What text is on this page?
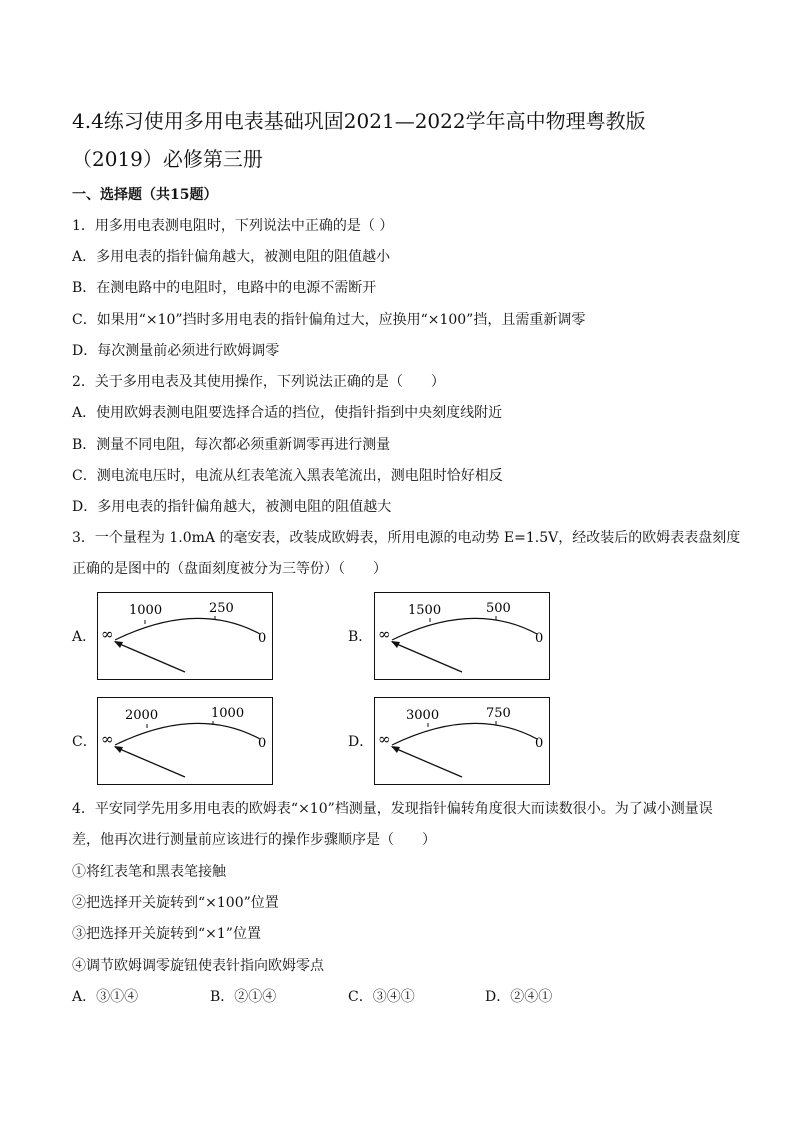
4.4练习使用多用电表基础巩固2021—2022学年高中物理粤教版
（2019）必修第三册
一、选择题（共15题）
1．用多用电表测电阻时，下列说法中正确的是（ ）
A．多用电表的指针偏角越大，被测电阻的阻值越小
B．在测电路中的电阻时，电路中的电源不需断开
C．如果用“×10”挡时多用电表的指针偏角过大，应换用“×100”挡，且需重新调零
D．每次测量前必须进行欧姆调零
2．关于多用电表及其使用操作，下列说法正确的是（　　）
A．使用欧姆表测电阻要选择合适的挡位，使指针指到中央刻度线附近
B．测量不同电阻，每次都必须重新调零再进行测量
C．测电流电压时，电流从红表笔流入黑表笔流出，测电阻时恰好相反
D．多用电表的指针偏角越大，被测电阻的阻值越大
3．一个量程为 1.0mA 的毫安表，改装成欧姆表，所用电源的电动势 E=1.5V，经改装后的欧姆表表盘刻度
正确的是图中的（盘面刻度被分为三等份）（　　）
A． ∞
1000	250
0	B． ∞
1500	500
0
C． ∞
2000	1000
0	D． ∞
3000	750
0
4．平安同学先用多用电表的欧姆表“×10”档测量，发现指针偏转角度很大而读数很小。为了减小测量误
差，他再次进行测量前应该进行的操作步骤顺序是（　　）
①将红表笔和黑表笔接触
②把选择开关旋转到“×100”位置
③把选择开关旋转到“×1”位置
④调节欧姆调零旋钮使表针指向欧姆零点
A．③①④	B．②①④	C．③④①	D．②④①
